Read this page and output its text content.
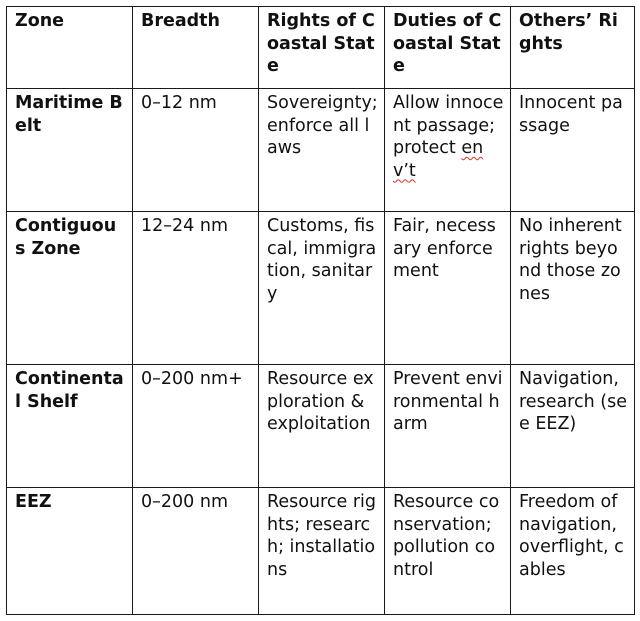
Zone	Breadth	Rights of Coastal State	Duties of Coastal State	Others’ Rights
Maritime Belt	0–12 nm	Sovereignty; enforce all laws	Allow innocent passage; protect env’t	Innocent passage
Contiguous Zone	12–24 nm	Customs, fiscal, immigration, sanitary	Fair, necessary enforcement	No inherent rights beyond those zones
Continental Shelf	0–200 nm+	Resource exploration & exploitation	Prevent environmental harm	Navigation, research (see EEZ)
EEZ	0–200 nm	Resource rights; research; installations	Resource conservation; pollution control	Freedom of navigation, overflight, cables
